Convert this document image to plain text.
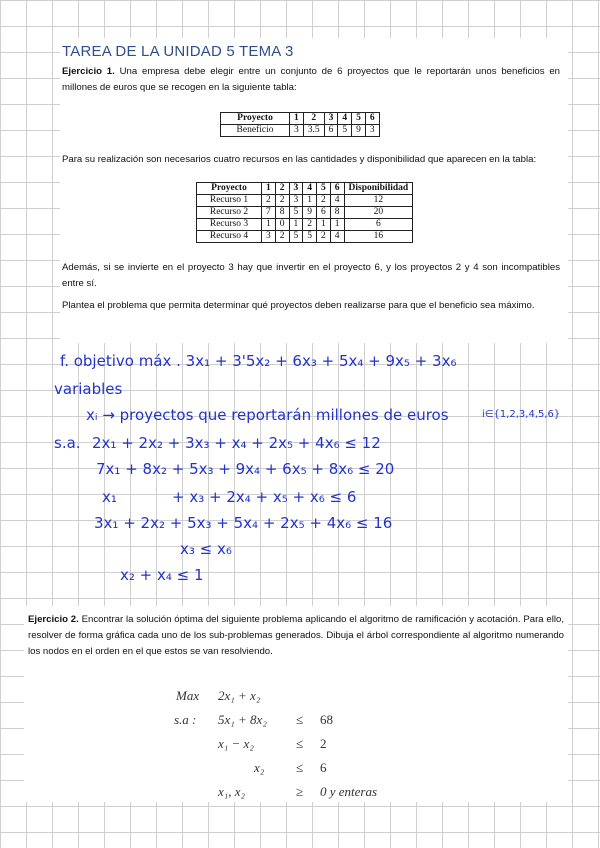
TAREA DE LA UNIDAD 5 TEMA 3
Ejercicio 1. Una empresa debe elegir entre un conjunto de 6 proyectos que le reportarán unos beneficios en millones de euros que se recogen en la siguiente tabla:
Proyecto	1	2	3	4	5	6
Beneficio	3	3.5	6	5	9	3
Para su realización son necesarios cuatro recursos en las cantidades y disponibilidad que aparecen en la tabla:
Proyecto	1	2	3	4	5	6	Disponibilidad
Recurso 1	2	2	3	1	2	4	12
Recurso 2	7	8	5	9	6	8	20
Recurso 3	1	0	1	2	1	1	6
Recurso 4	3	2	5	5	2	4	16
Además, si se invierte en el proyecto 3 hay que invertir en el proyecto 6, y los proyectos 2 y 4 son incompatibles entre sí.
Plantea el problema que permita determinar qué proyectos deben realizarse para que el beneficio sea máximo.
f. objetivo máx . 3x₁ + 3'5x₂ + 6x₃ + 5x₄ + 9x₅ + 3x₆
variables
xᵢ → proyectos que reportarán millones de euros	i∈{1,2,3,4,5,6}
s.a. 2x₁ + 2x₂ + 3x₃ + x₄ + 2x₅ + 4x₆ ≤ 12
7x₁ + 8x₂ + 5x₃ + 9x₄ + 6x₅ + 8x₆ ≤ 20
x₁	+ x₃ + 2x₄ + x₅ + x₆ ≤ 6
3x₁ + 2x₂ + 5x₃ + 5x₄ + 2x₅ + 4x₆ ≤ 16
x₃ ≤ x₆
x₂ + x₄ ≤ 1
Ejercicio 2. Encontrar la solución óptima del siguiente problema aplicando el algoritmo de ramificación y acotación. Para ello, resolver de forma gráfica cada uno de los sub-problemas generados. Dibuja el árbol correspondiente al algoritmo numerando los nodos en el orden en el que estos se van resolviendo.
Max 2x₁ + x₂
s.a : 5x₁ + 8x₂ ≤ 68
x₁ − x₂	≤ 2
x₂ ≤ 6
x₁, x₂	≥ 0 y enteras
